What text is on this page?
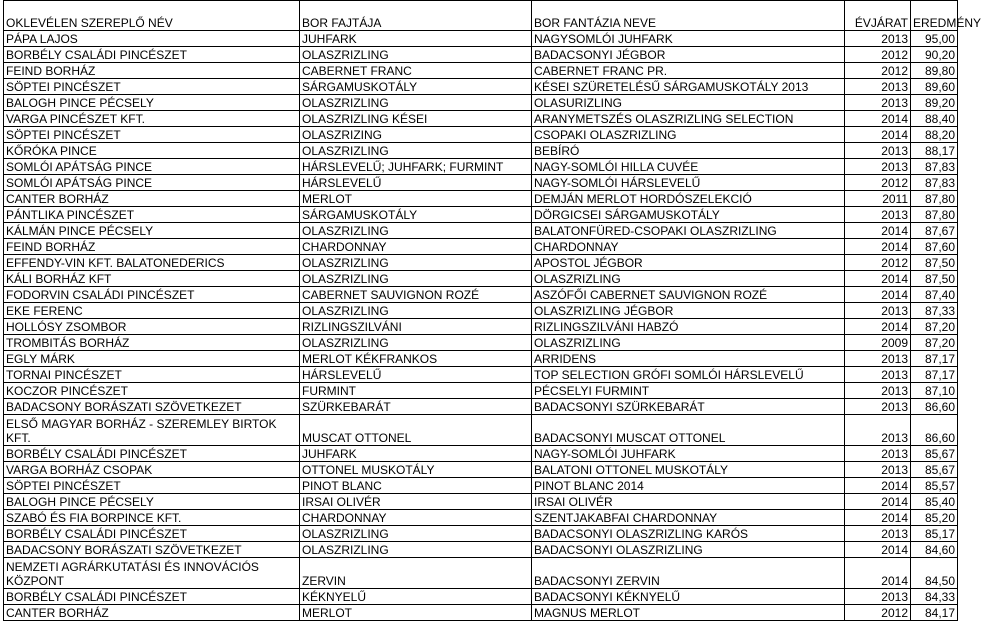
OKLEVÉLEN SZEREPLŐ NÉV	BOR FAJTÁJA	BOR FANTÁZIA NEVE	ÉVJÁRAT	EREDMÉNY
PÁPA LAJOS	JUHFARK	NAGYSOMLÓI JUHFARK	2013	95,00
BORBÉLY CSALÁDI PINCÉSZET	OLASZRIZLING	BADACSONYI JÉGBOR	2012	90,20
FEIND BORHÁZ	CABERNET FRANC	CABERNET FRANC PR.	2012	89,80
SÖPTEI PINCÉSZET	SÁRGAMUSKOTÁLY	KÉSEI SZÜRETELÉSŰ SÁRGAMUSKOTÁLY 2013	2013	89,60
BALOGH PINCE PÉCSELY	OLASZRIZLING	OLASURIZLING	2013	89,20
VARGA PINCÉSZET KFT.	OLASZRIZLING KÉSEI	ARANYMETSZÉS OLASZRIZLING SELECTION	2014	88,40
SÖPTEI PINCÉSZET	OLASZRIZING	CSOPAKI OLASZRIZLING	2014	88,20
KŐRÓKA PINCE	OLASZRIZLING	BEBÍRÓ	2013	88,17
SOMLÓI APÁTSÁG PINCE	HÁRSLEVELŰ; JUHFARK; FURMINT	NAGY-SOMLÓI HILLA CUVÉE	2013	87,83
SOMLÓI APÁTSÁG PINCE	HÁRSLEVELŰ	NAGY-SOMLÓI HÁRSLEVELŰ	2012	87,83
CANTER BORHÁZ	MERLOT	DEMJÁN MERLOT HORDÓSZELEKCIÓ	2011	87,80
PÁNTLIKA PINCÉSZET	SÁRGAMUSKOTÁLY	DÖRGICSEI SÁRGAMUSKOTÁLY	2013	87,80
KÁLMÁN PINCE PÉCSELY	OLASZRIZLING	BALATONFÜRED-CSOPAKI OLASZRIZLING	2014	87,67
FEIND BORHÁZ	CHARDONNAY	CHARDONNAY	2014	87,60
EFFENDY-VIN KFT. BALATONEDERICS	OLASZRIZLING	APOSTOL JÉGBOR	2012	87,50
KÁLI BORHÁZ KFT	OLASZRIZLING	OLASZRIZLING	2014	87,50
FODORVIN CSALÁDI PINCÉSZET	CABERNET SAUVIGNON ROZÉ	ASZÓFŐI CABERNET SAUVIGNON ROZÉ	2014	87,40
EKE FERENC	OLASZRIZLING	OLASZRIZLING JÉGBOR	2013	87,33
HOLLÓSY ZSOMBOR	RIZLINGSZILVÁNI	RIZLINGSZILVÁNI HABZÓ	2014	87,20
TROMBITÁS BORHÁZ	OLASZRIZLING	OLASZRIZLING	2009	87,20
EGLY MÁRK	MERLOT KÉKFRANKOS	ARRIDENS	2013	87,17
TORNAI PINCÉSZET	HÁRSLEVELŰ	TOP SELECTION GRÓFI SOMLÓI HÁRSLEVELŰ	2013	87,17
KOCZOR PINCÉSZET	FURMINT	PÉCSELYI FURMINT	2013	87,10
BADACSONY BORÁSZATI SZÖVETKEZET	SZÜRKEBARÁT	BADACSONYI SZÜRKEBARÁT	2013	86,60
ELSŐ MAGYAR BORHÁZ - SZEREMLEY BIRTOK KFT.	MUSCAT OTTONEL	BADACSONYI MUSCAT OTTONEL	2013	86,60
BORBÉLY CSALÁDI PINCÉSZET	JUHFARK	NAGY-SOMLÓI JUHFARK	2013	85,67
VARGA BORHÁZ CSOPAK	OTTONEL MUSKOTÁLY	BALATONI OTTONEL MUSKOTÁLY	2013	85,67
SÖPTEI PINCÉSZET	PINOT BLANC	PINOT BLANC 2014	2014	85,57
BALOGH PINCE PÉCSELY	IRSAI OLIVÉR	IRSAI OLIVÉR	2014	85,40
SZABÓ ÉS FIA BORPINCE KFT.	CHARDONNAY	SZENTJAKABFAI CHARDONNAY	2014	85,20
BORBÉLY CSALÁDI PINCÉSZET	OLASZRIZLING	BADACSONYI OLASZRIZLING KARÓS	2013	85,17
BADACSONY BORÁSZATI SZÖVETKEZET	OLASZRIZLING	BADACSONYI OLASZRIZLING	2014	84,60
NEMZETI AGRÁRKUTATÁSI ÉS INNOVÁCIÓS KÖZPONT	ZERVIN	BADACSONYI ZERVIN	2014	84,50
BORBÉLY CSALÁDI PINCÉSZET	KÉKNYELŰ	BADACSONYI KÉKNYELŰ	2013	84,33
CANTER BORHÁZ	MERLOT	MAGNUS MERLOT	2012	84,17
